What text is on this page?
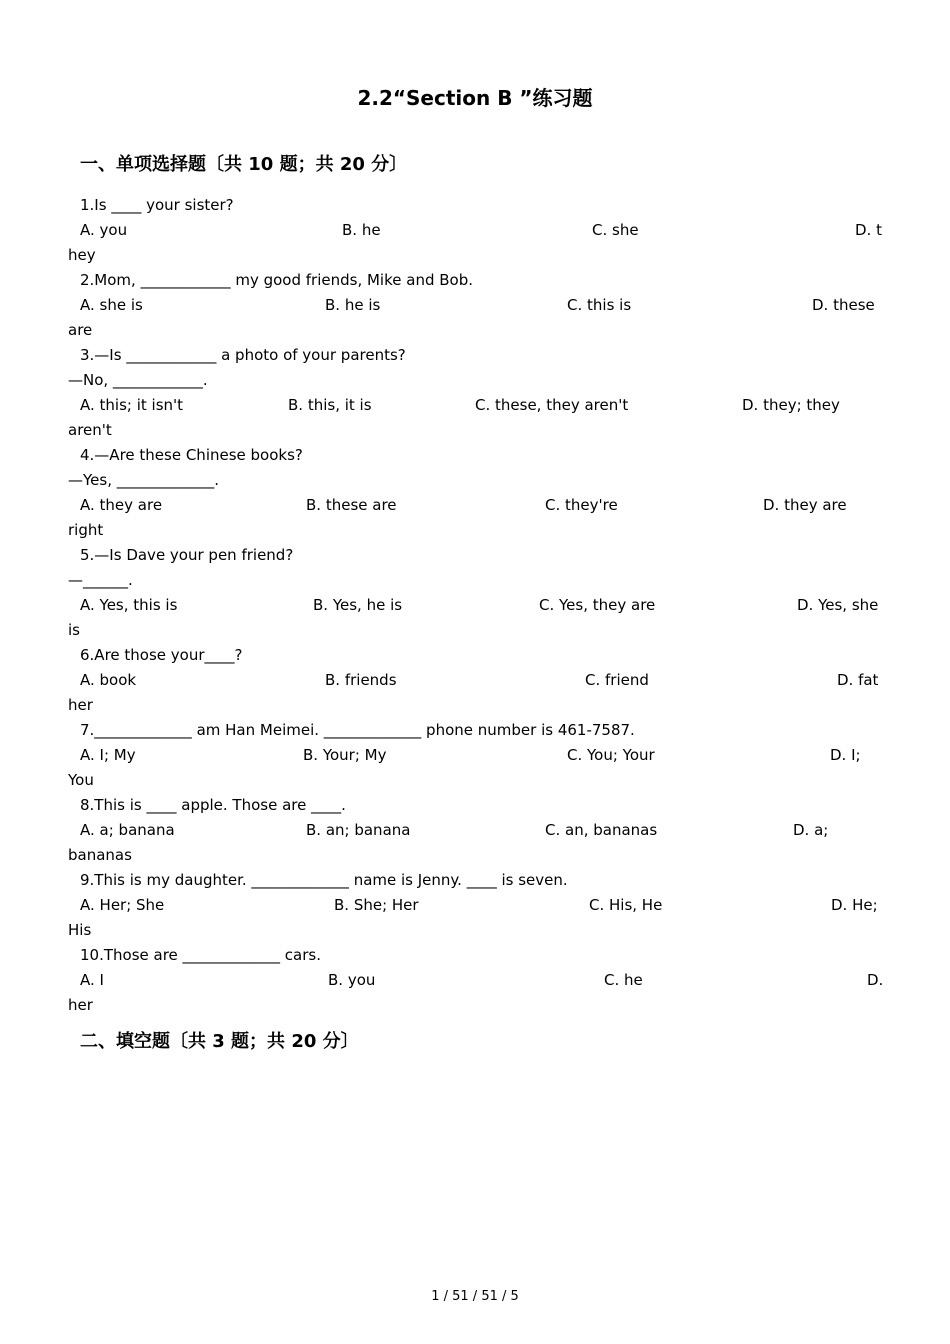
2.2“Section B ”练习题
一、单项选择题〔共 10 题；共 20 分〕
1.Is ____ your sister?
A. you	B. he	C. she	D. t
hey
2.Mom, ____________ my good friends, Mike and Bob.
A. she is	B. he is	C. this is	D. these
are
3.—Is ____________ a photo of your parents?
—No, ____________.
A. this; it isn't	B. this, it is	C. these, they aren't	D. they; they
aren't
4.—Are these Chinese books?
—Yes, _____________.
A. they are	B. these are	C. they're	D. they are
right
5.—Is Dave your pen friend?
—______.
A. Yes, this is	B. Yes, he is	C. Yes, they are	D. Yes, she
is
6.Are those your____?
A. book	B. friends	C. friend	D. fat
her
7._____________ am Han Meimei. _____________ phone number is 461-7587.
A. I; My	B. Your; My	C. You; Your	D. I;
You
8.This is ____ apple. Those are ____.
A. a; banana	B. an; banana	C. an, bananas	D. a;
bananas
9.This is my daughter. _____________ name is Jenny. ____ is seven.
A. Her; She	B. She; Her	C. His, He	D. He;
His
10.Those are _____________ cars.
A. I	B. you	C. he	D.
her
二、填空题〔共 3 题；共 20 分〕
1 / 51 / 51 / 5
